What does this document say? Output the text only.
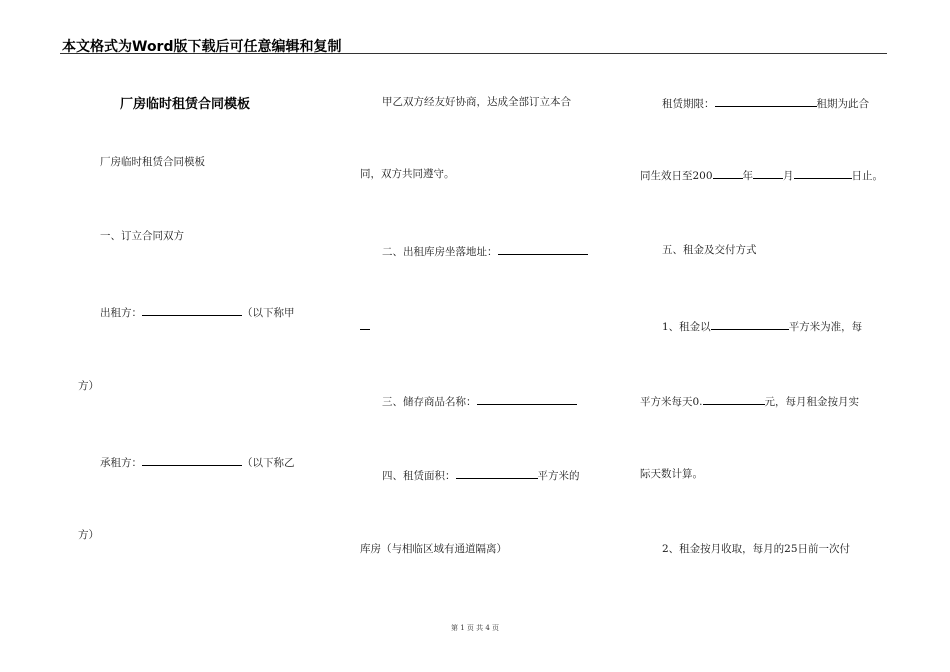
本文格式为Word版下载后可任意编辑和复制
厂房临时租赁合同模板
厂房临时租赁合同模板
一、订立合同双方
出租方：	（以下称甲
方）
承租方：	（以下称乙
方）
甲乙双方经友好协商，达成全部订立本合
同，双方共同遵守。
二、出租库房坐落地址：
三、储存商品名称：
四、租赁面积：	平方米的
库房（与相临区域有通道隔离）
租赁期限：	租期为此合
同生效日至200	年	月	日止。
五、租金及交付方式
1、租金以	平方米为准，每
平方米每天0.	元，每月租金按月实
际天数计算。
2、租金按月收取，每月的25日前一次付
第 1 页 共 4 页
